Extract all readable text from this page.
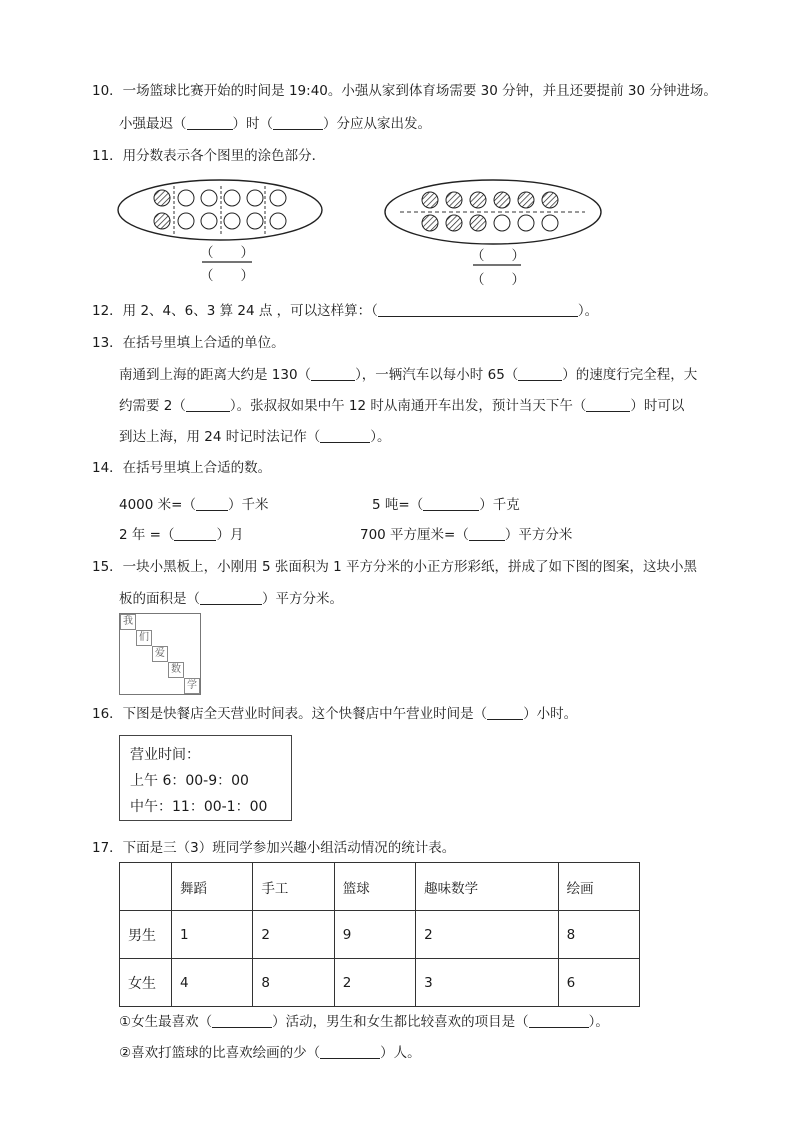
10．一场篮球比赛开始的时间是 19:40。小强从家到体育场需要 30 分钟，并且还要提前 30 分钟进场。
小强最迟（	）时（	）分应从家出发。
11．用分数表示各个图里的涂色部分．
（　　）
（　　）
（　　）
（　　）
12．用 2、4、6、3 算 24 点 ，可以这样算：（	）。
13．在括号里填上合适的单位。
南通到上海的距离大约是 130（	），一辆汽车以每小时 65（	）的速度行完全程，大
约需要 2（	）。张叔叔如果中午 12 时从南通开车出发，预计当天下午（	）时可以
到达上海，用 24 时记时法记作（	）。
14．在括号里填上合适的数。
4000 米=（ ）千米	5 吨=（	）千克
2 年 =（	）月	700 平方厘米=（	）平方分米
15．一块小黑板上，小刚用 5 张面积为 1 平方分米的小正方形彩纸，拼成了如下图的图案，这块小黑
板的面积是（	）平方分米。
我
们
爱
数
学
16．下图是快餐店全天营业时间表。这个快餐店中午营业时间是（	）小时。
营业时间：
上午 6：00-9：00
中午：11：00-1：00
17．下面是三（3）班同学参加兴趣小组活动情况的统计表。
	舞蹈	手工	篮球	趣味数学	绘画
男生	1	2	9	2	8
女生	4	8	2	3	6
①女生最喜欢（	）活动，男生和女生都比较喜欢的项目是（	）。
②喜欢打篮球的比喜欢绘画的少（	）人。
